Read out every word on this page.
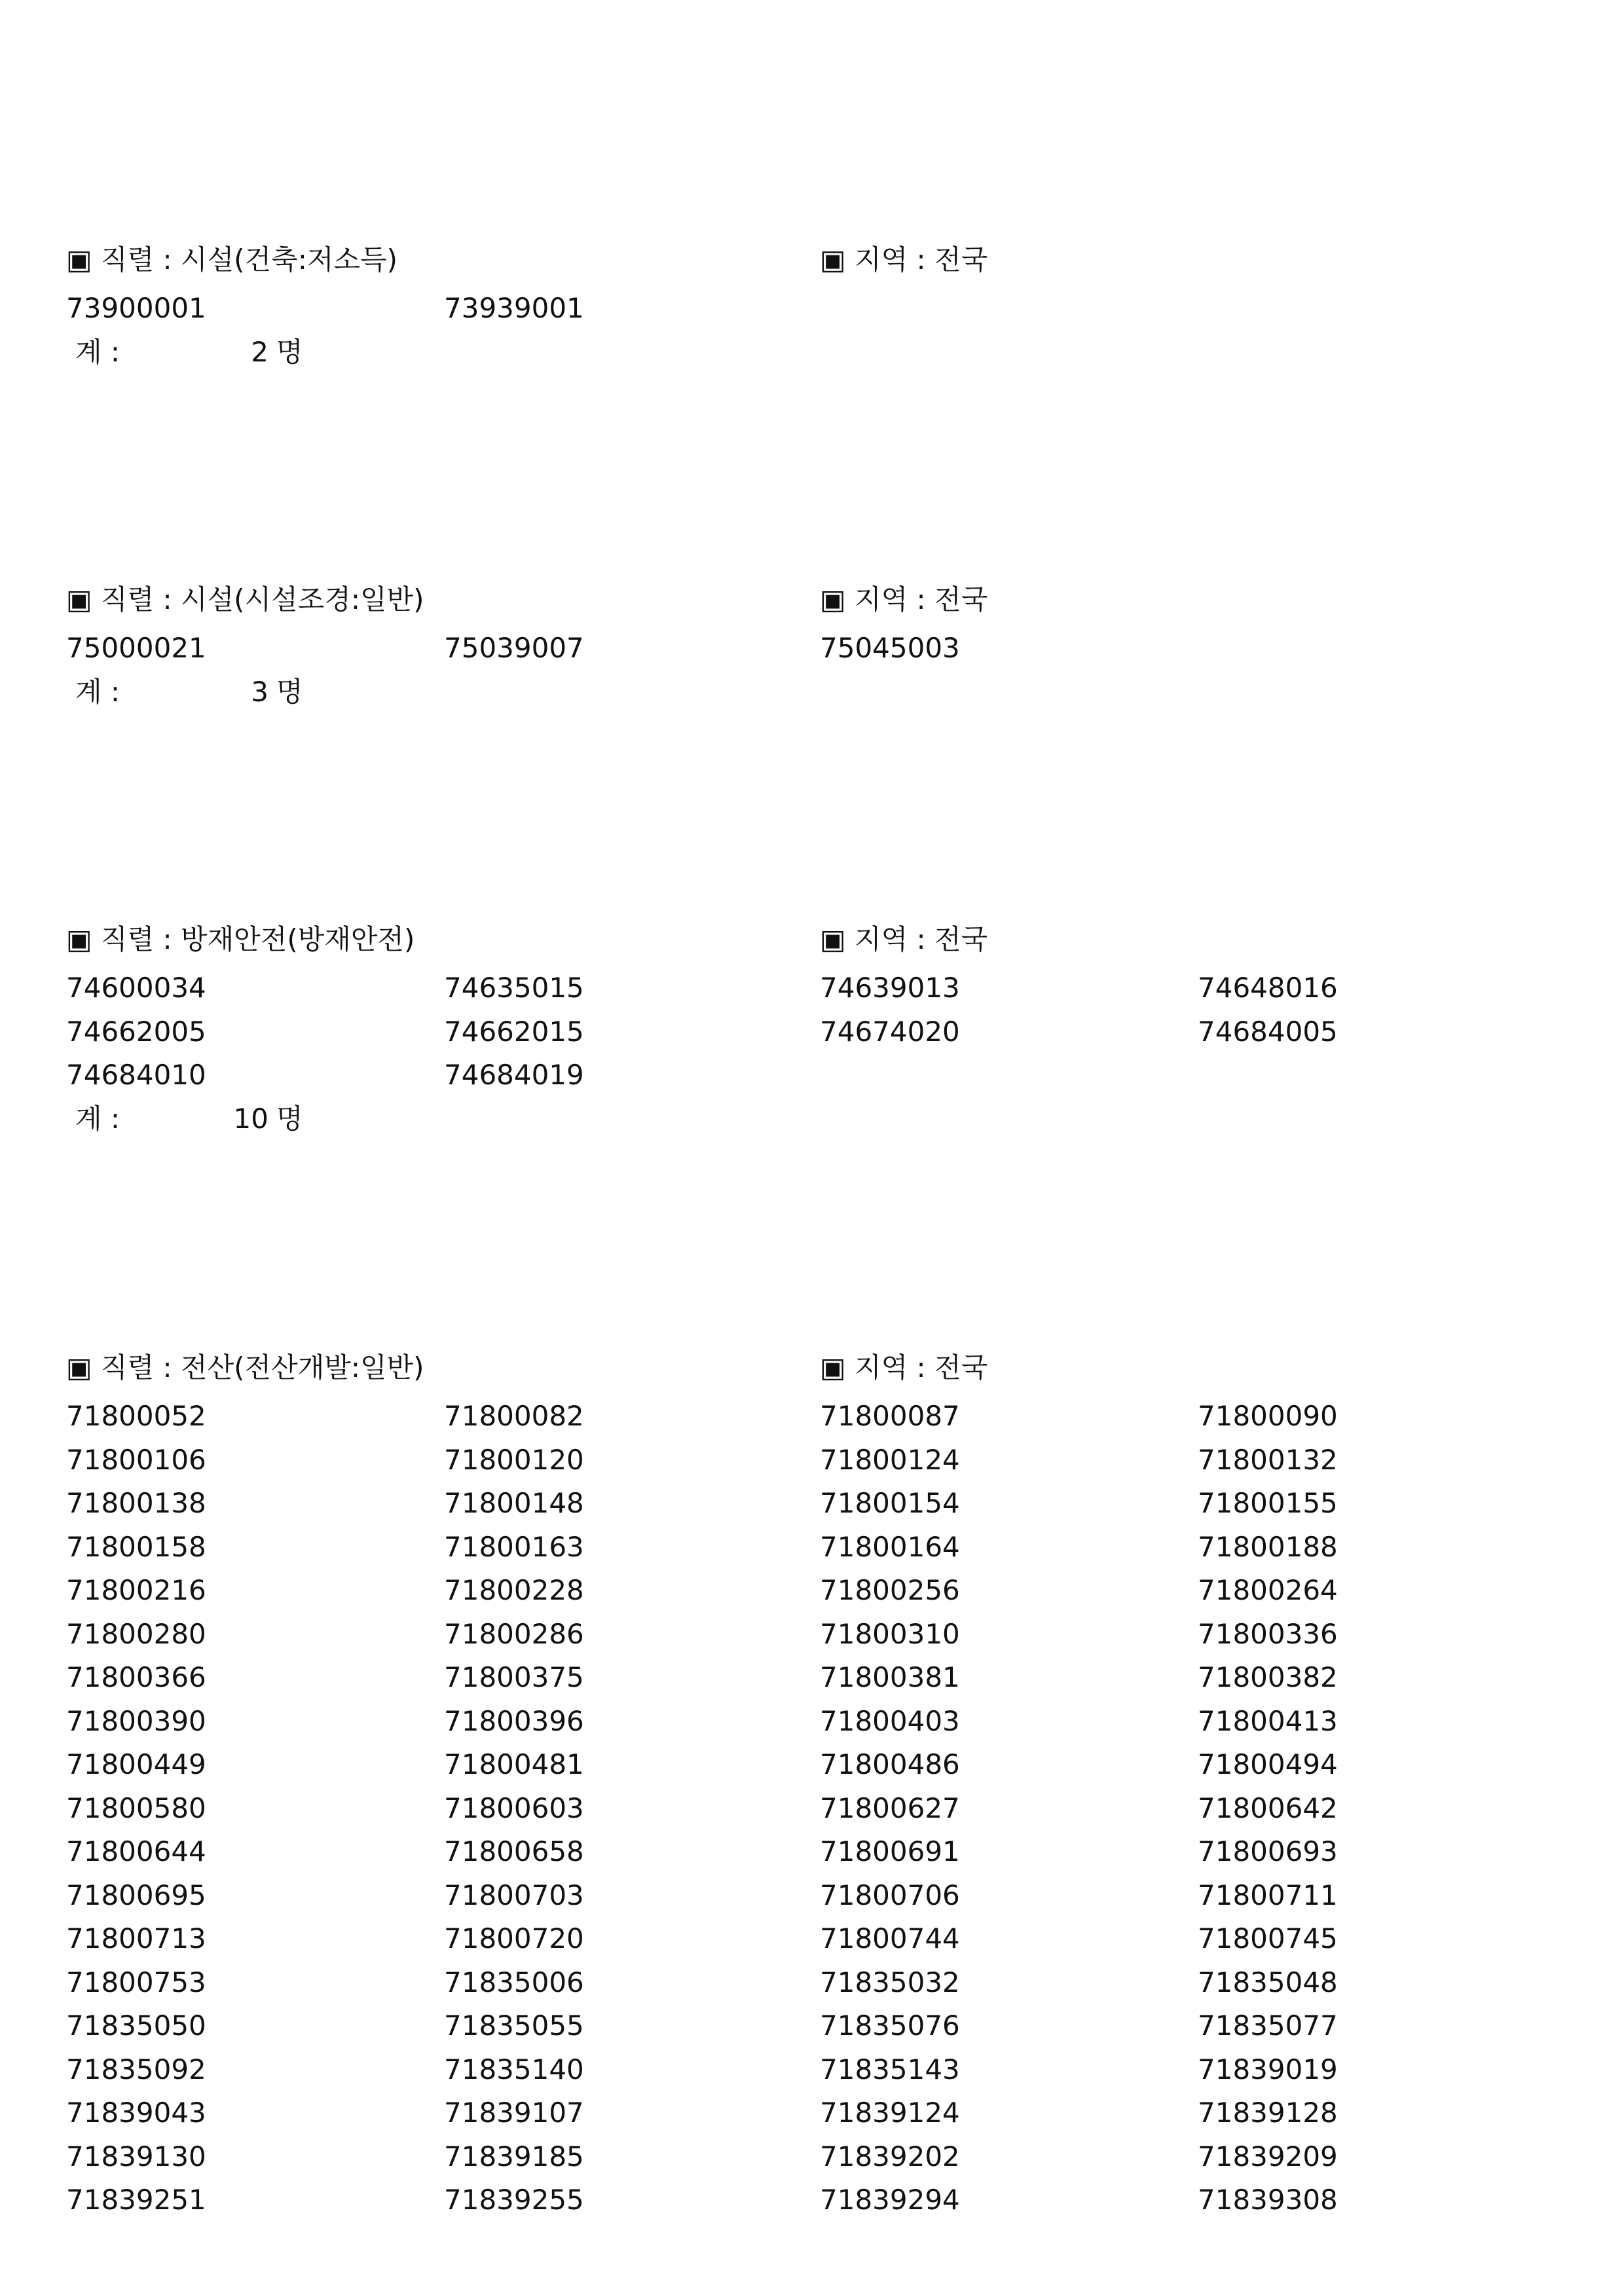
▣ 직렬 : 시설(건축:저소득)	▣ 지역 : 전국
73900001	73939001
계 :	2 명
▣ 직렬 : 시설(시설조경:일반)	▣ 지역 : 전국
75000021	75039007	75045003
계 :	3 명
▣ 직렬 : 방재안전(방재안전)	▣ 지역 : 전국
74600034	74635015	74639013	74648016
74662005	74662015	74674020	74684005
74684010	74684019
계 :	10 명
▣ 직렬 : 전산(전산개발:일반)	▣ 지역 : 전국
71800052	71800082	71800087	71800090
71800106	71800120	71800124	71800132
71800138	71800148	71800154	71800155
71800158	71800163	71800164	71800188
71800216	71800228	71800256	71800264
71800280	71800286	71800310	71800336
71800366	71800375	71800381	71800382
71800390	71800396	71800403	71800413
71800449	71800481	71800486	71800494
71800580	71800603	71800627	71800642
71800644	71800658	71800691	71800693
71800695	71800703	71800706	71800711
71800713	71800720	71800744	71800745
71800753	71835006	71835032	71835048
71835050	71835055	71835076	71835077
71835092	71835140	71835143	71839019
71839043	71839107	71839124	71839128
71839130	71839185	71839202	71839209
71839251	71839255	71839294	71839308
